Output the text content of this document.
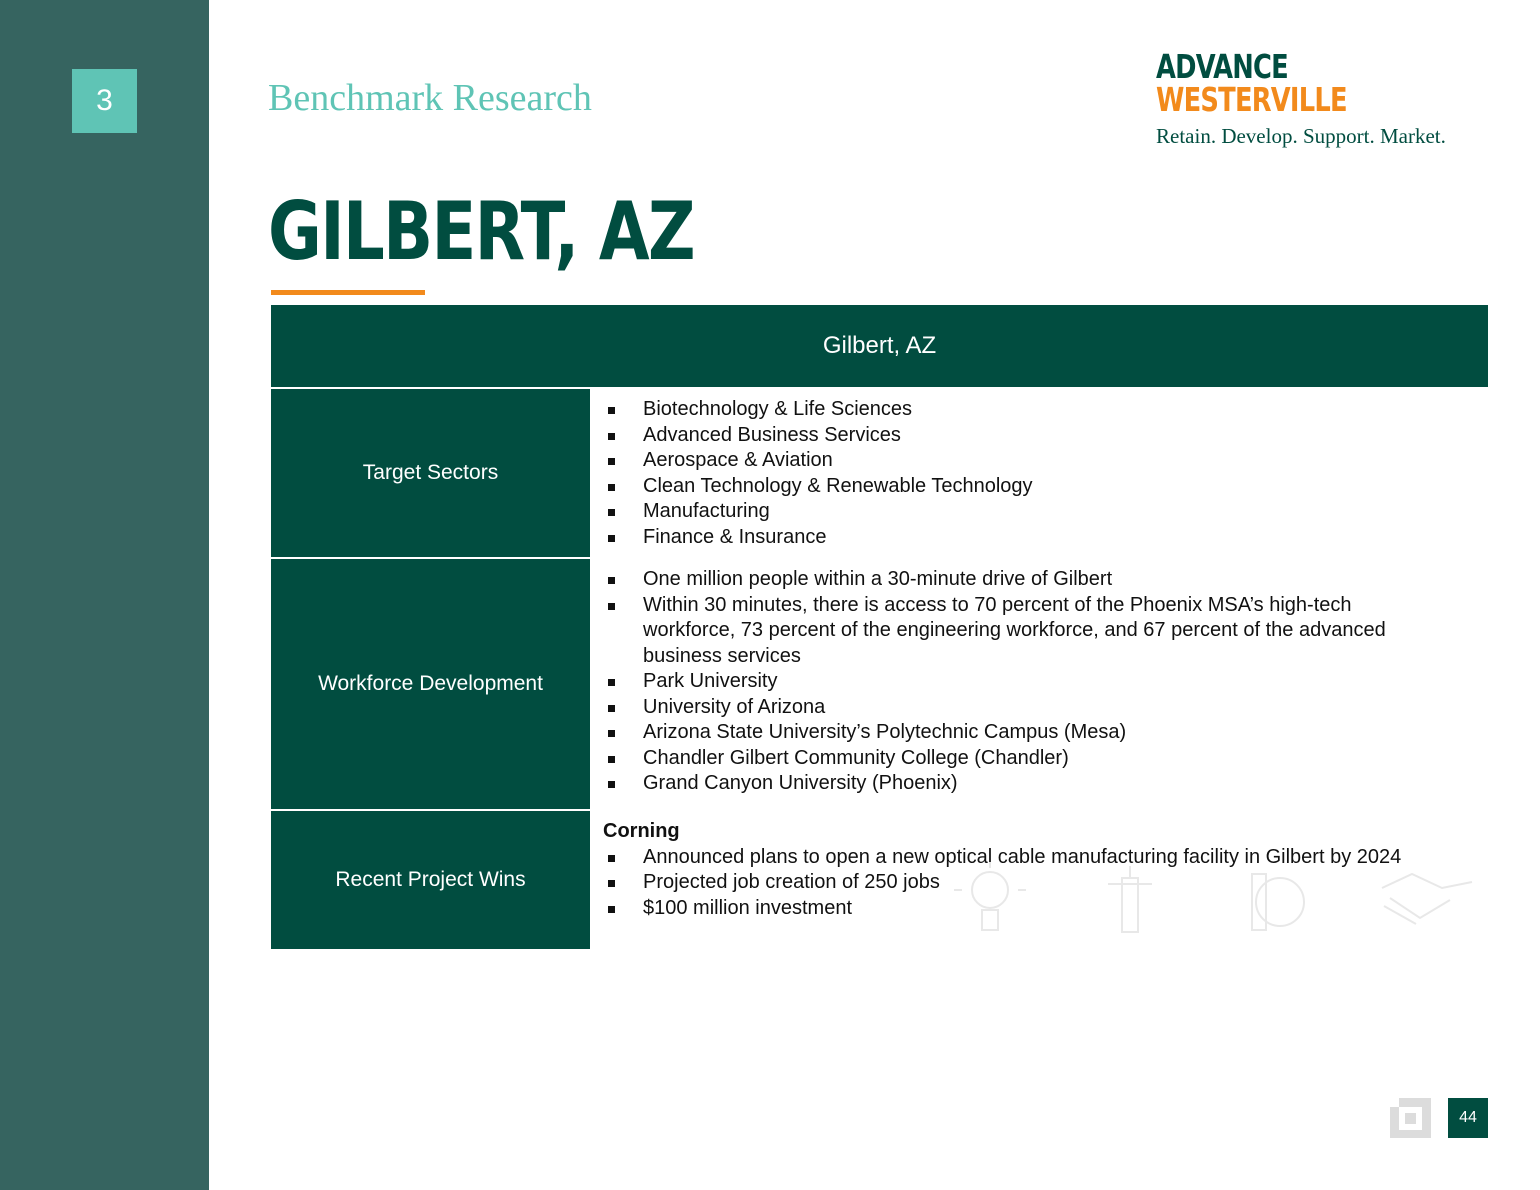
3	Benchmark Research
ADVANCE
WESTERVILLE
Retain. Develop. Support. Market.
GILBERT, AZ
Gilbert, AZ
Target Sectors
Biotechnology & Life Sciences
Advanced Business Services
Aerospace & Aviation
Clean Technology & Renewable Technology
Manufacturing
Finance & Insurance
Workforce Development
One million people within a 30-minute drive of Gilbert
Within 30 minutes, there is access to 70 percent of the Phoenix MSA’s high-tech workforce, 73 percent of the engineering workforce, and 67 percent of the advanced business services
Park University
University of Arizona
Arizona State University’s Polytechnic Campus (Mesa)
Chandler Gilbert Community College (Chandler)
Grand Canyon University (Phoenix)
Recent Project Wins
Corning
Announced plans to open a new optical cable manufacturing facility in Gilbert by 2024
Projected job creation of 250 jobs
$100 million investment
44
